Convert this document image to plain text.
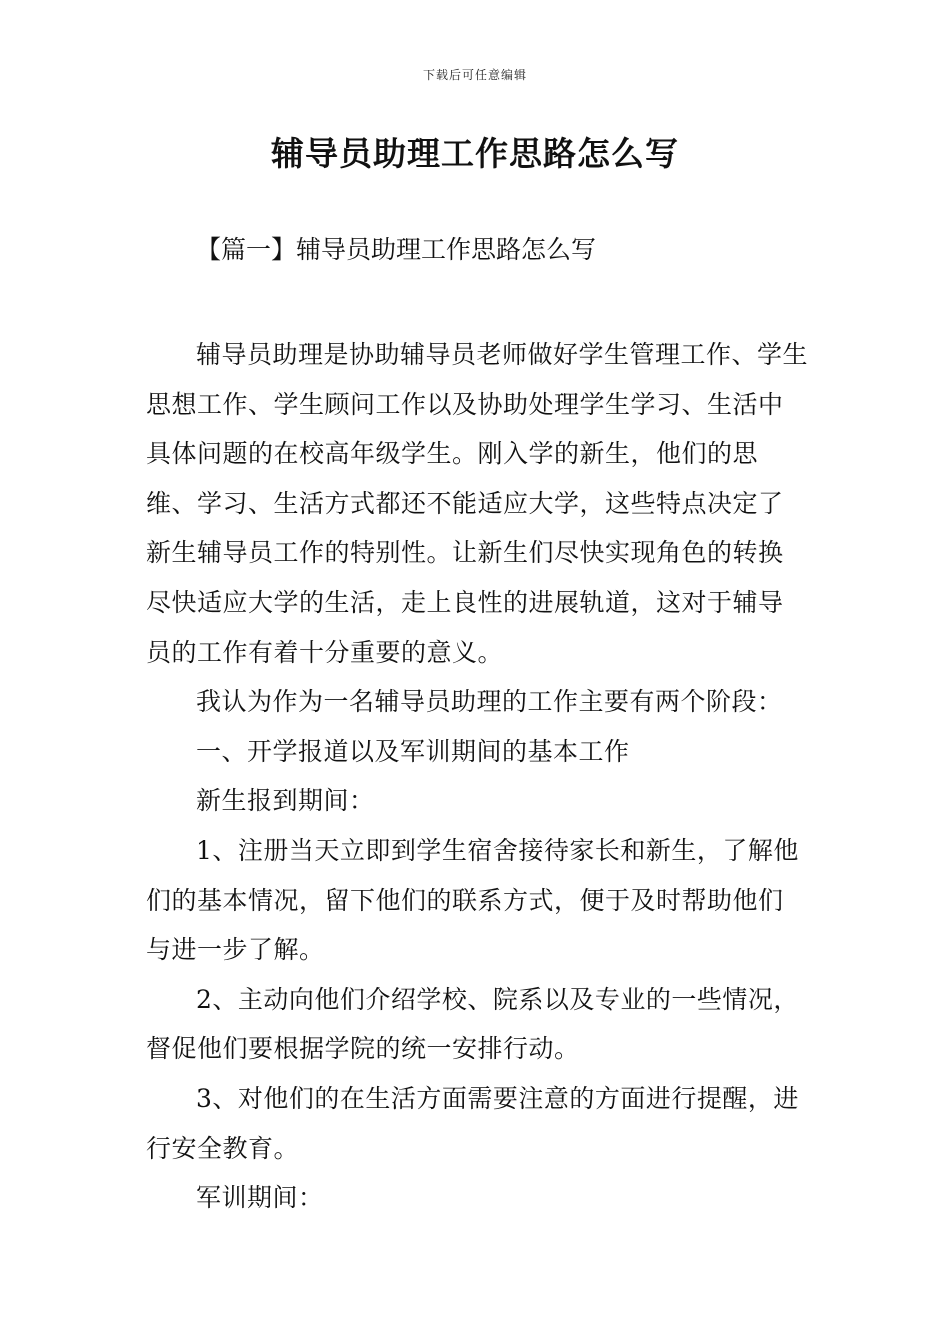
下载后可任意编辑
辅导员助理工作思路怎么写
【篇一】辅导员助理工作思路怎么写

辅导员助理是协助辅导员老师做好学生管理工作、学生思想工作、学生顾问工作以及协助处理学生学习、生活中具体问题的在校高年级学生。刚入学的新生，他们的思维、学习、生活方式都还不能适应大学，这些特点决定了新生辅导员工作的特别性。让新生们尽快实现角色的转换尽快适应大学的生活，走上良性的进展轨道，这对于辅导员的工作有着十分重要的意义。

我认为作为一名辅导员助理的工作主要有两个阶段：

一、开学报道以及军训期间的基本工作

新生报到期间：

1、注册当天立即到学生宿舍接待家长和新生，了解他们的基本情况，留下他们的联系方式，便于及时帮助他们与进一步了解。

2、主动向他们介绍学校、院系以及专业的一些情况，督促他们要根据学院的统一安排行动。

3、对他们的在生活方面需要注意的方面进行提醒，进行安全教育。

军训期间：
